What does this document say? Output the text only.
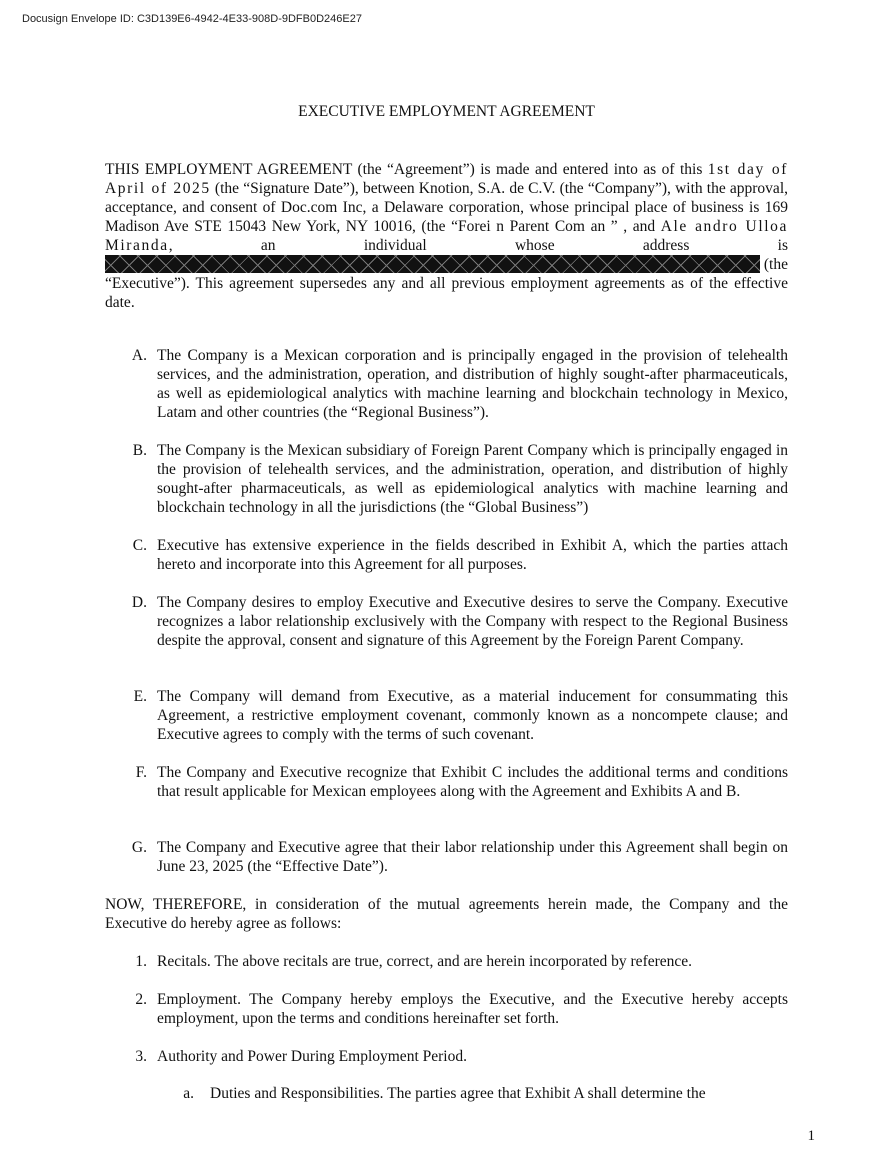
Docusign Envelope ID: C3D139E6-4942-4E33-908D-9DFB0D246E27
EXECUTIVE EMPLOYMENT AGREEMENT
THIS EMPLOYMENT AGREEMENT (the “Agreement”) is made and entered into as of this 1st day of April of 2025 (the “Signature Date”), between Knotion, S.A. de C.V. (the “Company”), with the approval, acceptance, and consent of Doc.com Inc, a Delaware corporation, whose principal place of business is 169 Madison Ave STE 15043 New York, NY 10016, (the “Forei n Parent Com an ” , and Ale andro Ulloa Miranda, an individual whose address is  (the “Executive”). This agreement supersedes any and all previous employment agreements as of the effective date.
A. The Company is a Mexican corporation and is principally engaged in the provision of telehealth services, and the administration, operation, and distribution of highly sought-after pharmaceuticals, as well as epidemiological analytics with machine learning and blockchain technology in Mexico, Latam and other countries (the “Regional Business”).
B. The Company is the Mexican subsidiary of Foreign Parent Company which is principally engaged in the provision of telehealth services, and the administration, operation, and distribution of highly sought-after pharmaceuticals, as well as epidemiological analytics with machine learning and blockchain technology in all the jurisdictions (the “Global Business”)
C. Executive has extensive experience in the fields described in Exhibit A, which the parties attach hereto and incorporate into this Agreement for all purposes.
D. The Company desires to employ Executive and Executive desires to serve the Company. Executive recognizes a labor relationship exclusively with the Company with respect to the Regional Business despite the approval, consent and signature of this Agreement by the Foreign Parent Company.
E. The Company will demand from Executive, as a material inducement for consummating this Agreement, a restrictive employment covenant, commonly known as a noncompete clause; and Executive agrees to comply with the terms of such covenant.
F. The Company and Executive recognize that Exhibit C includes the additional terms and conditions that result applicable for Mexican employees along with the Agreement and Exhibits A and B.
G. The Company and Executive agree that their labor relationship under this Agreement shall begin on June 23, 2025 (the “Effective Date”).
NOW, THEREFORE, in consideration of the mutual agreements herein made, the Company and the Executive do hereby agree as follows:
1. Recitals. The above recitals are true, correct, and are herein incorporated by reference.
2. Employment. The Company hereby employs the Executive, and the Executive hereby accepts employment, upon the terms and conditions hereinafter set forth.
3. Authority and Power During Employment Period.
a. Duties and Responsibilities. The parties agree that Exhibit A shall determine the
1
